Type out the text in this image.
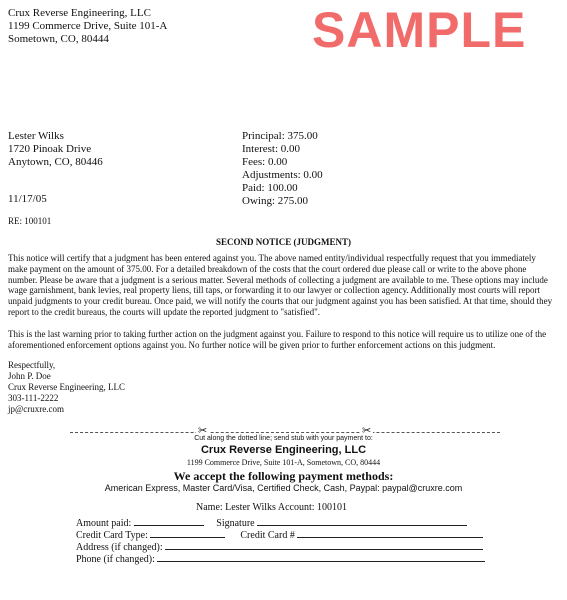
Crux Reverse Engineering, LLC
1199 Commerce Drive, Suite 101-A
Sometown, CO, 80444	SAMPLE
Lester Wilks
1720 Pinoak Drive
Anytown, CO, 80446
Principal: 375.00
Interest: 0.00
Fees: 0.00
Adjustments: 0.00
Paid: 100.00
Owing: 275.00
11/17/05
RE: 100101
SECOND NOTICE (JUDGMENT)
This notice will certify that a judgment has been entered against you. The above named entity/individual respectfully request that you immediately make payment on the amount of 375.00. For a detailed breakdown of the costs that the court ordered due please call or write to the above phone number. Please be aware that a judgment is a serious matter. Several methods of collecting a judgment are available to me. These options may include wage garnishment, bank levies, real property liens, till taps, or forwarding it to our lawyer or collection agency. Additionally most courts will report unpaid judgments to your credit bureau. Once paid, we will notify the courts that our judgment against you has been satisfied. At that time, should they report to the credit bureaus, the courts will update the reported judgment to "satisfied".
This is the last warning prior to taking further action on the judgment against you. Failure to respond to this notice will require us to utilize one of the aforementioned enforcement options against you. No further notice will be given prior to further enforcement actions on this judgment.
Respectfully,
John P. Doe
Crux Reverse Engineering, LLC
303-111-2222
jp@cruxre.com
✂	✂
Cut along the dotted line; send stub with your payment to:
Crux Reverse Engineering, LLC
1199 Commerce Drive, Suite 101-A, Sometown, CO, 80444
We accept the following payment methods:
American Express, Master Card/Visa, Certified Check, Cash, Paypal: paypal@cruxre.com
Name: Lester Wilks Account: 100101
Amount paid:	Signature
Credit Card Type:	Credit Card #
Address (if changed):
Phone (if changed):
